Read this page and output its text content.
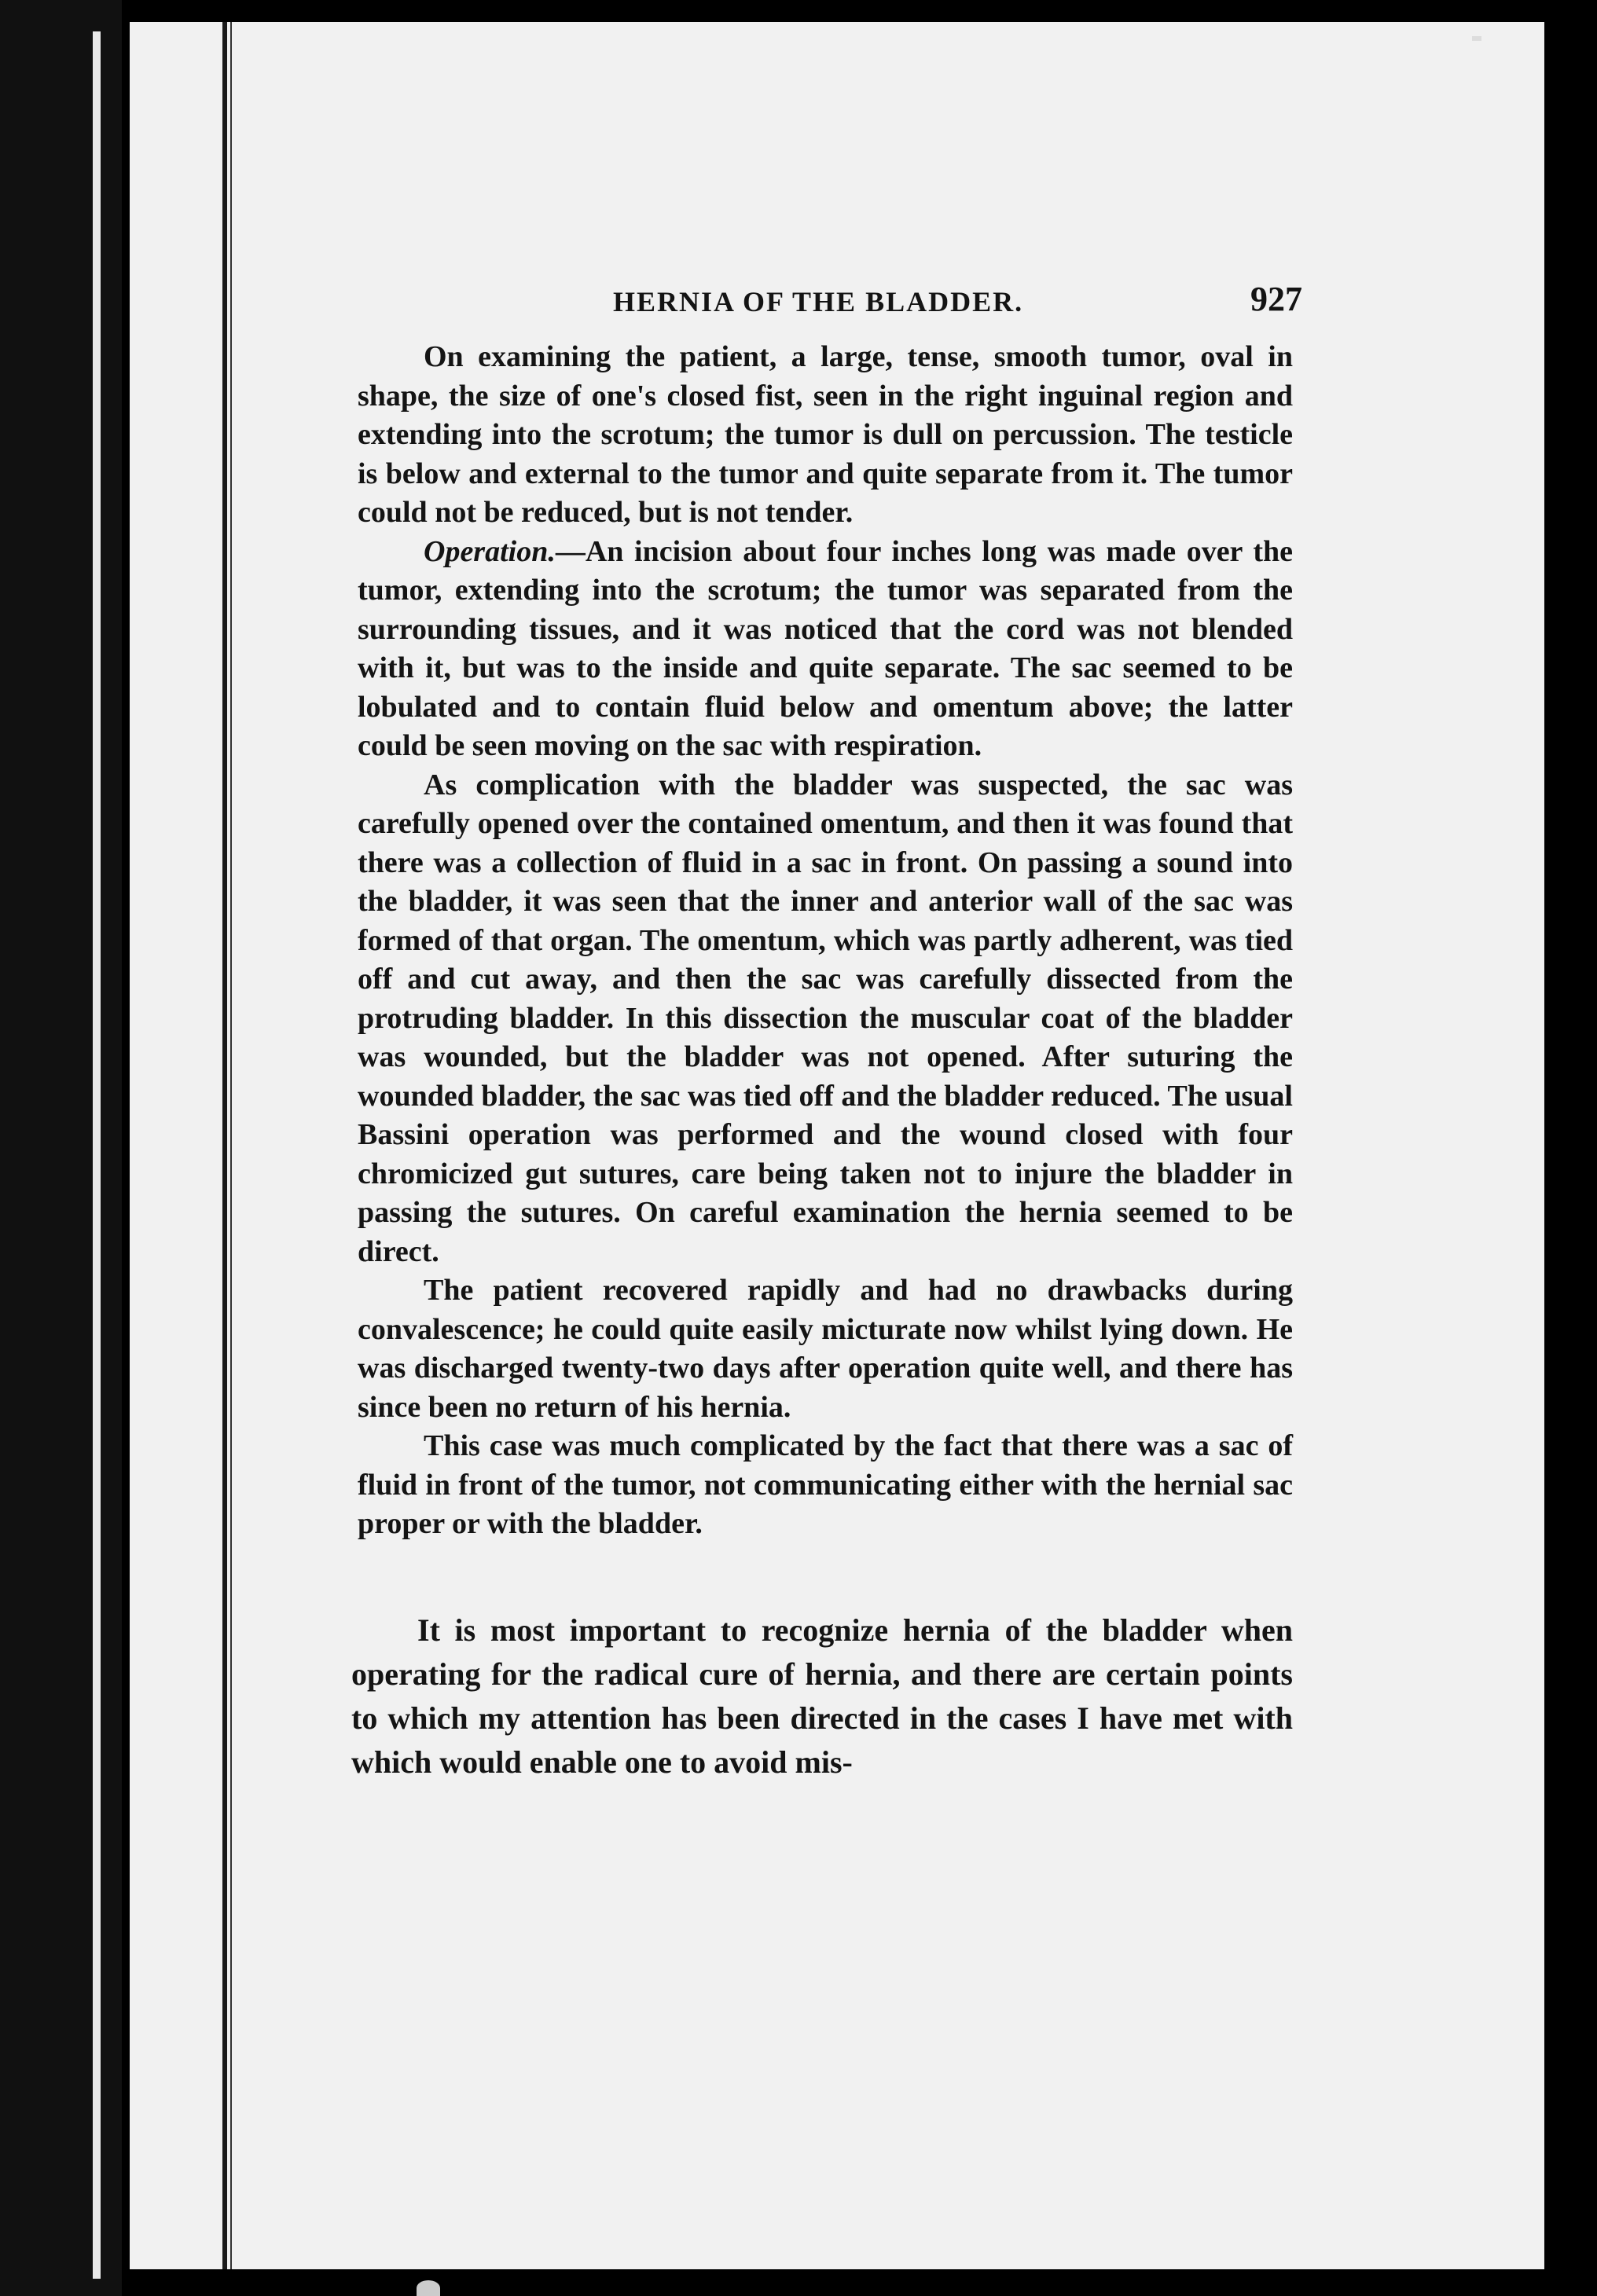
HERNIA OF THE BLADDER.	927

On examining the patient, a large, tense, smooth tumor, oval in shape, the size of one's closed fist, seen in the right inguinal region and extending into the scrotum; the tumor is dull on percussion. The testicle is below and external to the tumor and quite separate from it. The tumor could not be reduced, but is not tender.

Operation.—An incision about four inches long was made over the tumor, extending into the scrotum; the tumor was separated from the surrounding tissues, and it was noticed that the cord was not blended with it, but was to the inside and quite separate. The sac seemed to be lobulated and to contain fluid below and omentum above; the latter could be seen moving on the sac with respiration.

As complication with the bladder was suspected, the sac was carefully opened over the contained omentum, and then it was found that there was a collection of fluid in a sac in front. On passing a sound into the bladder, it was seen that the inner and anterior wall of the sac was formed of that organ. The omentum, which was partly adherent, was tied off and cut away, and then the sac was carefully dissected from the protruding bladder. In this dissection the muscular coat of the bladder was wounded, but the bladder was not opened. After suturing the wounded bladder, the sac was tied off and the bladder reduced. The usual Bassini operation was performed and the wound closed with four chromicized gut sutures, care being taken not to injure the bladder in passing the sutures. On careful examination the hernia seemed to be direct.

The patient recovered rapidly and had no drawbacks during convalescence; he could quite easily micturate now whilst lying down. He was discharged twenty-two days after operation quite well, and there has since been no return of his hernia.

This case was much complicated by the fact that there was a sac of fluid in front of the tumor, not communicating either with the hernial sac proper or with the bladder.

It is most important to recognize hernia of the bladder when operating for the radical cure of hernia, and there are certain points to which my attention has been directed in the cases I have met with which would enable one to avoid mis-
